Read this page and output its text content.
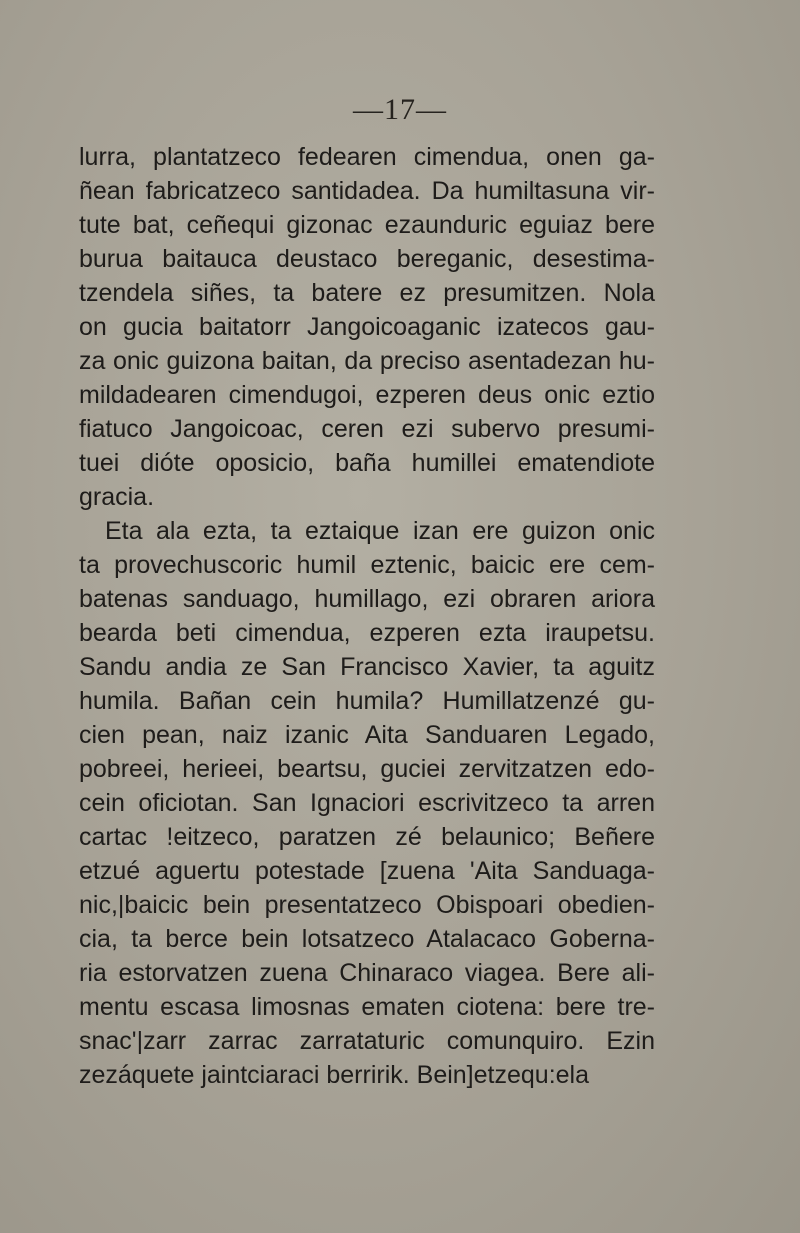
—17—
lurra, plantatzeco fedearen cimendua, onen ga-
ñean fabricatzeco santidadea. Da humiltasuna vir-
tute bat, ceñequi gizonac ezaunduric eguiaz bere
burua baitauca deustaco bereganic, desestima-
tzendela siñes, ta batere ez presumitzen. Nola
on gucia baitatorr Jangoicoaganic izatecos gau-
za onic guizona baitan, da preciso asentadezan hu-
mildadearen cimendugoi, ezperen deus onic eztio
fiatuco Jangoicoac, ceren ezi subervo presumi-
tuei dióte oposicio, baña humillei ematendiote
gracia.
Eta ala ezta, ta eztaique izan ere guizon onic
ta provechuscoric humil eztenic, baicic ere cem-
batenas sanduago, humillago, ezi obraren ariora
bearda beti cimendua, ezperen ezta iraupetsu.
Sandu andia ze San Francisco Xavier, ta aguitz
humila. Bañan cein humila? Humillatzenzé gu-
cien pean, naiz izanic Aita Sanduaren Legado,
pobreei, herieei, beartsu, guciei zervitzatzen edo-
cein oficiotan. San Ignaciori escrivitzeco ta arren
cartac !eitzeco, paratzen zé belaunico; Beñere
etzué aguertu potestade [zuena 'Aita Sanduaga-
nic,|baicic bein presentatzeco Obispoari obedien-
cia, ta berce bein lotsatzeco Atalacaco Goberna-
ria estorvatzen zuena Chinaraco viagea. Bere ali-
mentu escasa limosnas ematen ciotena: bere tre-
snac'|zarr zarrac zarrataturic comunquiro. Ezin
zezáquete jaintciaraci berririk. Bein]etzequ:ela
